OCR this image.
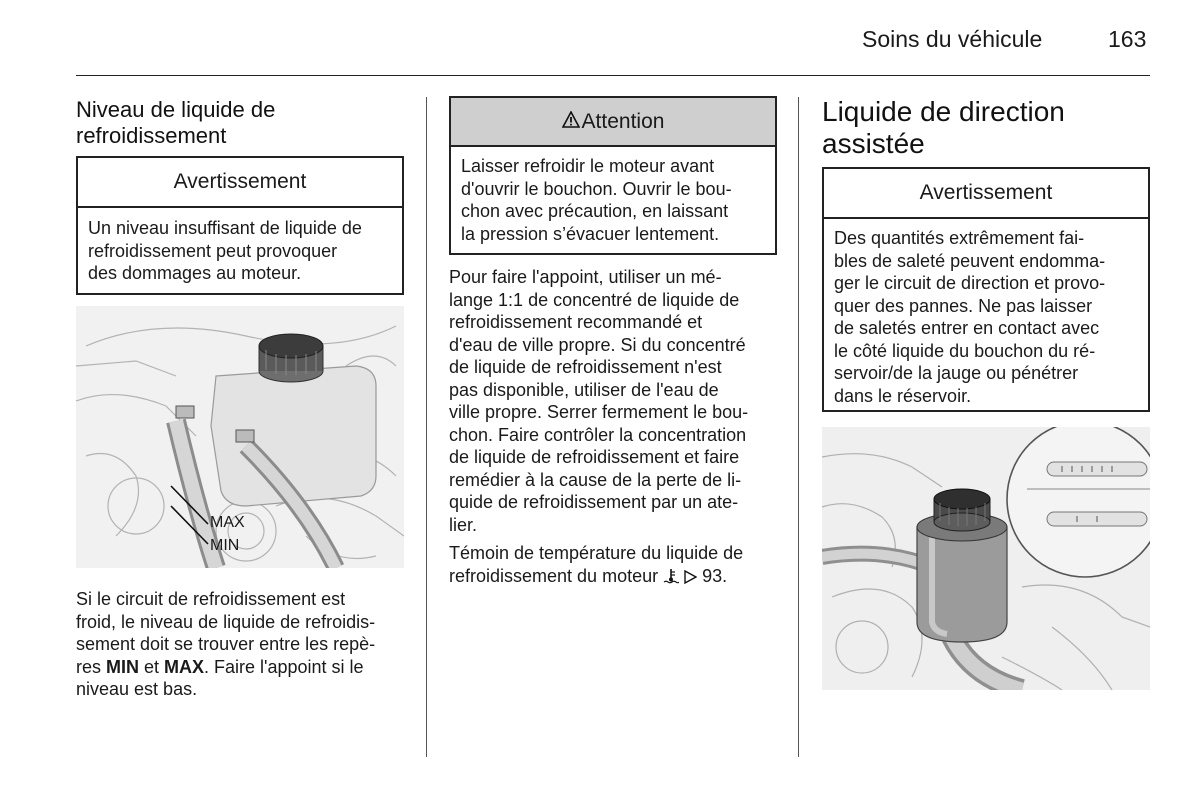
Soins du véhicule	163
Niveau de liquide de
refroidissement
Avertissement
Un niveau insuffisant de liquide de
refroidissement peut provoquer
des dommages au moteur.
MAX
MIN
Si le circuit de refroidissement est
froid, le niveau de liquide de refroidis-
sement doit se trouver entre les repè-
res MIN et MAX. Faire l'appoint si le
niveau est bas.
Attention
Laisser refroidir le moteur avant
d'ouvrir le bouchon. Ouvrir le bou-
chon avec précaution, en laissant
la pression s’évacuer lentement.
Pour faire l'appoint, utiliser un mé-
lange 1:1 de concentré de liquide de
refroidissement recommandé et
d'eau de ville propre. Si du concentré
de liquide de refroidissement n'est
pas disponible, utiliser de l'eau de
ville propre. Serrer fermement le bou-
chon. Faire contrôler la concentration
de liquide de refroidissement et faire
remédier à la cause de la perte de li-
quide de refroidissement par un ate-
lier.
Témoin de température du liquide de
refroidissement du moteur   93.
Liquide de direction
assistée
Avertissement
Des quantités extrêmement fai-
bles de saleté peuvent endomma-
ger le circuit de direction et provo-
quer des pannes. Ne pas laisser
de saletés entrer en contact avec
le côté liquide du bouchon du ré-
servoir/de la jauge ou pénétrer
dans le réservoir.
